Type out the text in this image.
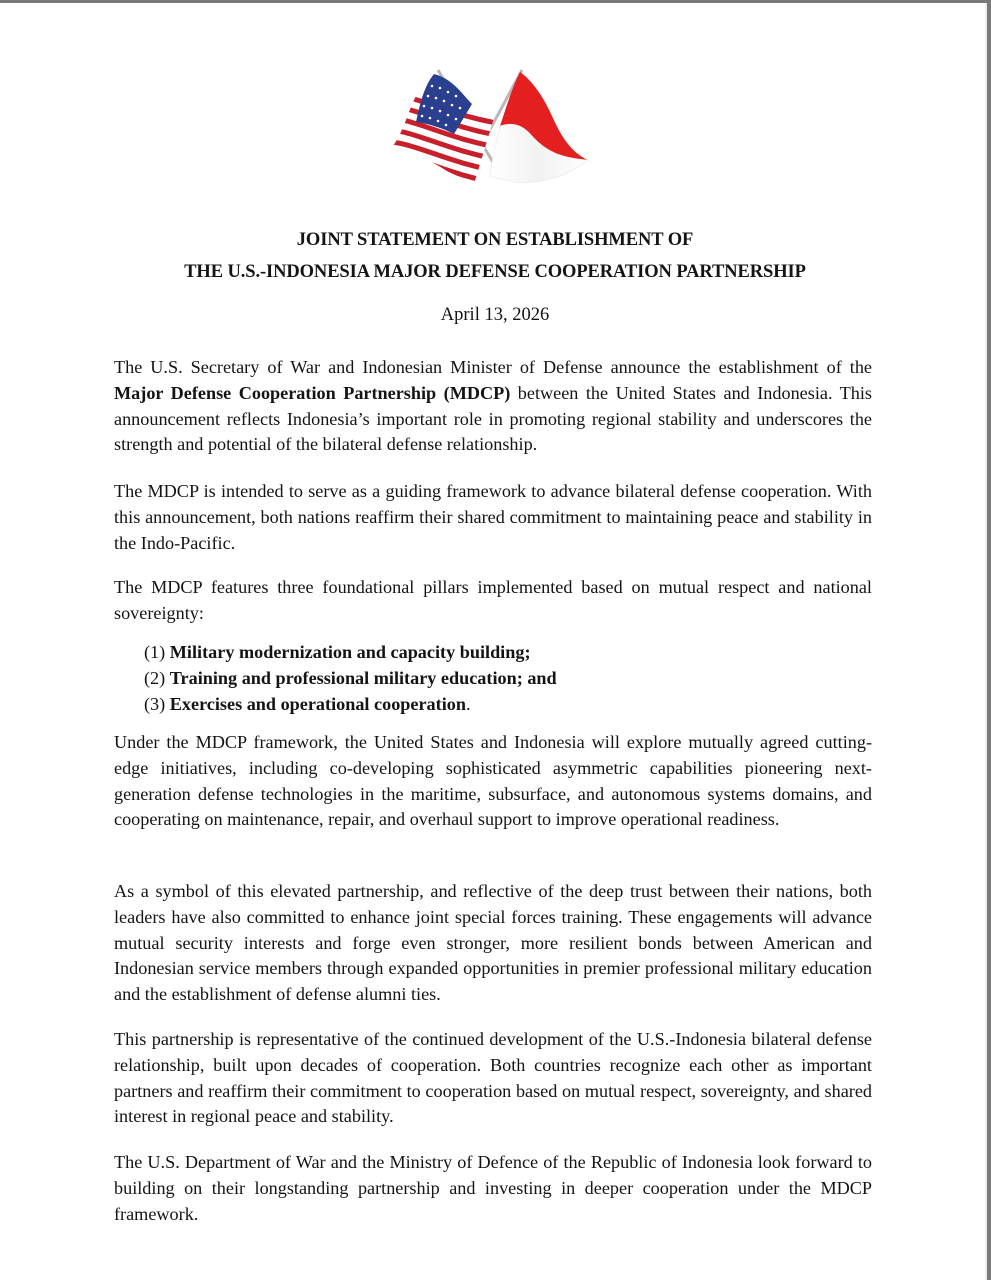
JOINT STATEMENT ON ESTABLISHMENT OF
THE U.S.-INDONESIA MAJOR DEFENSE COOPERATION PARTNERSHIP
April 13, 2026

The U.S. Secretary of War and Indonesian Minister of Defense announce the establishment of the Major Defense Cooperation Partnership (MDCP) between the United States and Indonesia. This announcement reflects Indonesia’s important role in promoting regional stability and underscores the strength and potential of the bilateral defense relationship.

The MDCP is intended to serve as a guiding framework to advance bilateral defense cooperation. With this announcement, both nations reaffirm their shared commitment to maintaining peace and stability in the Indo-Pacific.

The MDCP features three foundational pillars implemented based on mutual respect and national sovereignty:

(1) Military modernization and capacity building;
(2) Training and professional military education; and
(3) Exercises and operational cooperation.

Under the MDCP framework, the United States and Indonesia will explore mutually agreed cutting-edge initiatives, including co-developing sophisticated asymmetric capabilities pioneering next-generation defense technologies in the maritime, subsurface, and autonomous systems domains, and cooperating on maintenance, repair, and overhaul support to improve operational readiness.

As a symbol of this elevated partnership, and reflective of the deep trust between their nations, both leaders have also committed to enhance joint special forces training. These engagements will advance mutual security interests and forge even stronger, more resilient bonds between American and Indonesian service members through expanded opportunities in premier professional military education and the establishment of defense alumni ties.

This partnership is representative of the continued development of the U.S.-Indonesia bilateral defense relationship, built upon decades of cooperation. Both countries recognize each other as important partners and reaffirm their commitment to cooperation based on mutual respect, sovereignty, and shared interest in regional peace and stability.

The U.S. Department of War and the Ministry of Defence of the Republic of Indonesia look forward to building on their longstanding partnership and investing in deeper cooperation under the MDCP framework.
